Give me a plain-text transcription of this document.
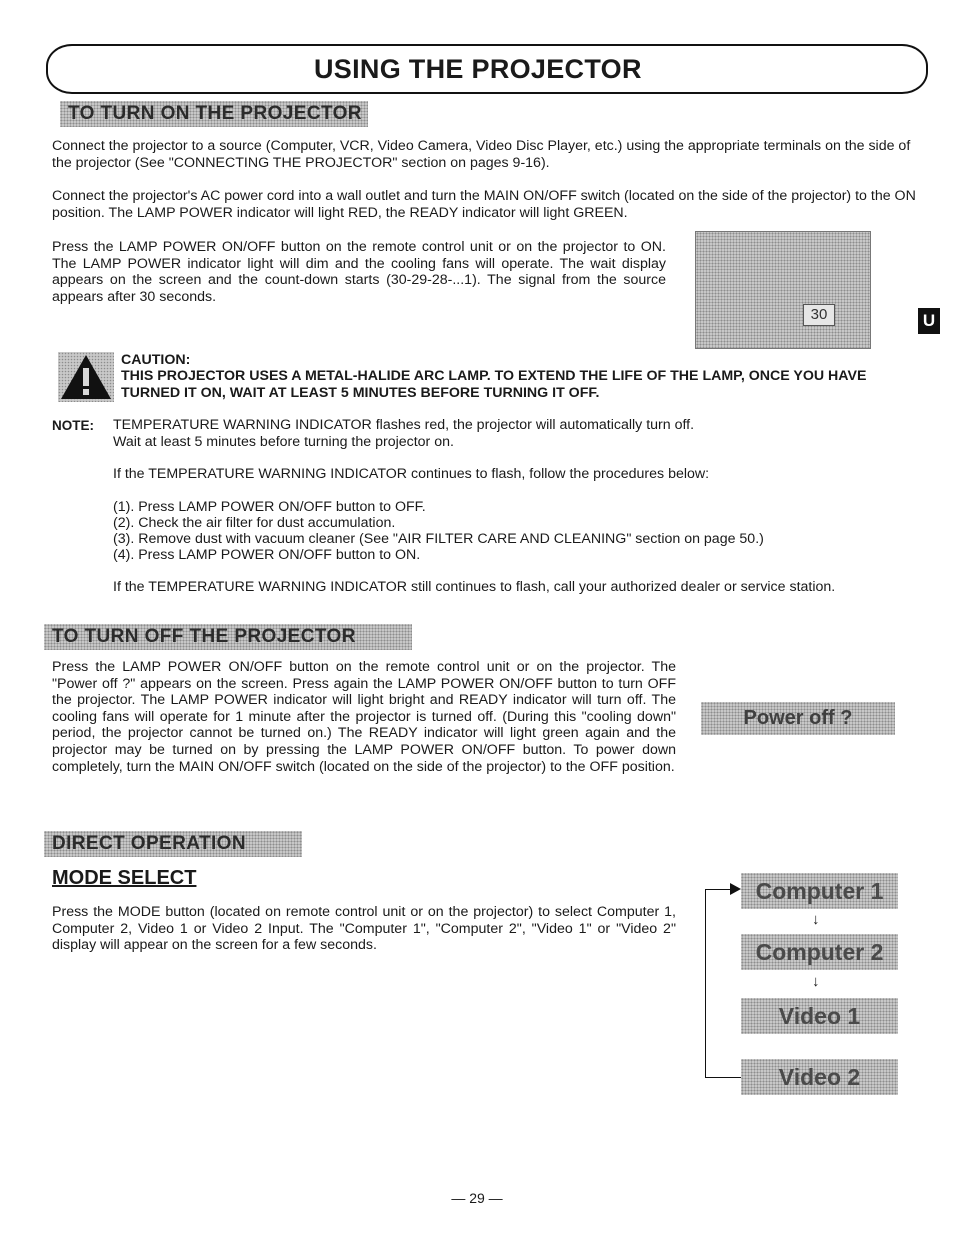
USING THE PROJECTOR
TO TURN ON THE PROJECTOR

Connect the projector to a source (Computer, VCR, Video Camera, Video Disc Player, etc.) using the appropriate terminals on the side of the projector (See "CONNECTING THE PROJECTOR" section on pages 9-16).

Connect the projector's AC power cord into a wall outlet and turn the MAIN ON/OFF switch (located on the side of the projector) to the ON position. The LAMP POWER indicator will light RED, the READY indicator will light GREEN.

Press the LAMP POWER ON/OFF button on the remote control unit or on the projector to ON. The LAMP POWER indicator light will dim and the cooling fans will operate. The wait display appears on the screen and the count-down starts (30-29-28-...1). The signal from the source appears after 30 seconds.

30	U
CAUTION:

THIS PROJECTOR USES A METAL-HALIDE ARC LAMP. TO EXTEND THE LIFE OF THE LAMP, ONCE YOU HAVE TURNED IT ON, WAIT AT LEAST 5 MINUTES BEFORE TURNING IT OFF.

NOTE: TEMPERATURE WARNING INDICATOR flashes red, the projector will automatically turn off.

Wait at least 5 minutes before turning the projector on.

If the TEMPERATURE WARNING INDICATOR continues to flash, follow the procedures below:

(1). Press LAMP POWER ON/OFF button to OFF.
(2). Check the air filter for dust accumulation.
(3). Remove dust with vacuum cleaner (See "AIR FILTER CARE AND CLEANING" section on page 50.)
(4). Press LAMP POWER ON/OFF button to ON.

If the TEMPERATURE WARNING INDICATOR still continues to flash, call your authorized dealer or service station.

TO TURN OFF THE PROJECTOR

Press the LAMP POWER ON/OFF button on the remote control unit or on the projector. The "Power off ?" appears on the screen. Press again the LAMP POWER ON/OFF button to turn OFF the projector. The LAMP POWER indicator will light bright and READY indicator will turn off. The cooling fans will operate for 1 minute after the projector is turned off. (During this "cooling down" period, the projector cannot be turned on.) The READY indicator will light green again and the projector may be turned on by pressing the LAMP POWER ON/OFF button. To power down completely, turn the MAIN ON/OFF switch (located on the side of the projector) to the OFF position.

Power off ?
DIRECT OPERATION
MODE SELECT

Press the MODE button (located on remote control unit or on the projector) to select Computer 1, Computer 2, Video 1 or Video 2 Input. The "Computer 1", "Computer 2", "Video 1" or "Video 2" display will appear on the screen for a few seconds.

Computer 1
↓
Computer 2
↓
Video 1
Video 2
— 29 —
